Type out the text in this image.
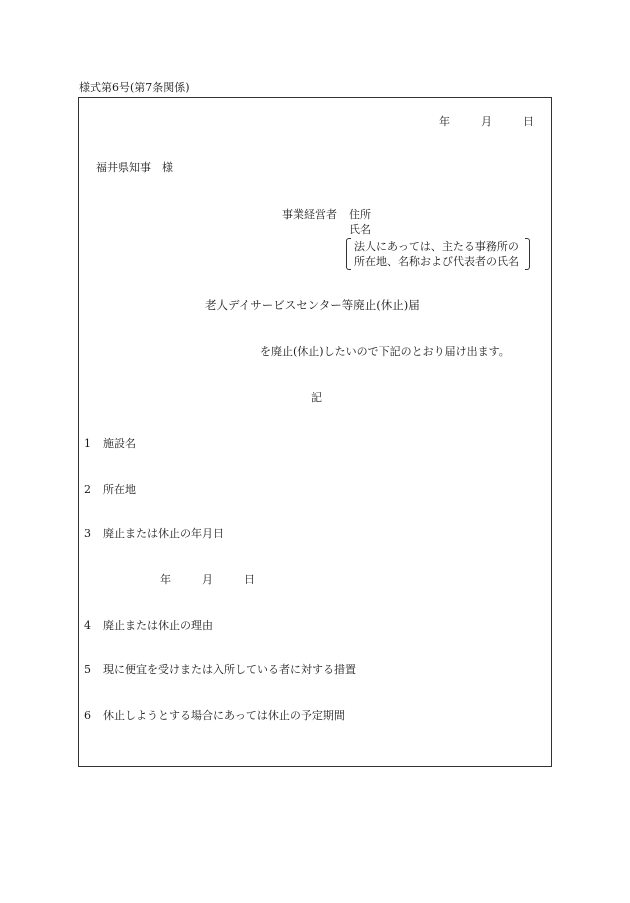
様式第6号(第7条関係)
年	月	日
福井県知事　様
事業経営者 住所
氏名
法人にあっては、主たる事務所の
所在地、名称および代表者の氏名
老人デイサービスセンター等廃止(休止)届
を廃止(休止)したいので下記のとおり届け出ます。
記
1 施設名
2 所在地
3 廃止または休止の年月日
年	月	日
4 廃止または休止の理由
5 現に便宜を受けまたは入所している者に対する措置
6 休止しようとする場合にあっては休止の予定期間
